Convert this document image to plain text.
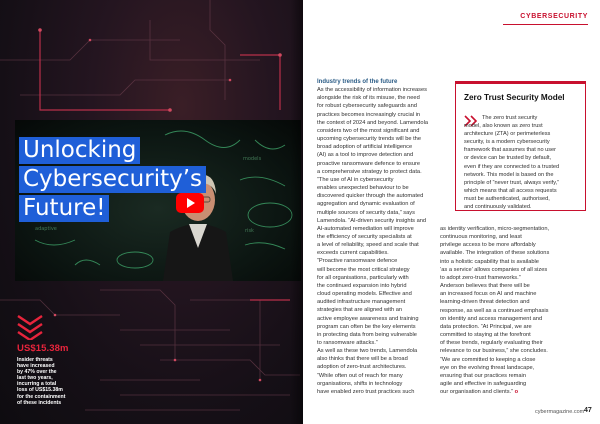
models
adaptive	risk
Unlocking
Cybersecurity’s
Future!
US$15.38m
Insider threats
have increased
by 47% over the
last two years,
incurring a total
loss of US$15.38m
for the containment
of these incidents
CYBERSECURITY
Industry trends of the future
As the accessibility of information increases
alongside the risk of its misuse, the need
for robust cybersecurity safeguards and
practices becomes increasingly crucial in
the context of 2024 and beyond. Lamendola
considers two of the most significant and
upcoming cybersecurity trends will be the
broad adoption of artificial intelligence
(AI) as a tool to improve detection and
proactive ransomware defence to ensure
a comprehensive strategy to protect data.
“The use of AI in cybersecurity
enables unexpected behaviour to be
discovered quicker through the automated
aggregation and dynamic evaluation of
multiple sources of security data,” says
Lamendola. “AI-driven security insights and
AI-automated remediation will improve
the efficiency of security specialists at
a level of reliability, speed and scale that
exceeds current capabilities.
“Proactive ransomware defence
will become the most critical strategy
for all organisations, particularly with
the continued expansion into hybrid
cloud operating models. Effective and
audited infrastructure management
strategies that are aligned with an
active employee awareness and training
program can often be the key elements
in protecting data from being vulnerable
to ransomware attacks.”
As well as these two trends, Lamendola
also thinks that there will be a broad
adoption of zero-trust architectures.
“While often out of reach for many
organisations, shifts in technology
have enabled zero trust practices such
Zero Trust Security Model
The zero trust security
model, also known as zero trust
architecture (ZTA) or perimeterless
security, is a modern cybersecurity
framework that assumes that no user
or device can be trusted by default,
even if they are connected to a trusted
network. This model is based on the
principle of “never trust, always verify,”
which means that all access requests
must be authenticated, authorised,
and continuously validated.
as identity verification, micro-segmentation,
continuous monitoring, and least
privilege access to be more affordably
available. The integration of these solutions
into a holistic capability that is available
‘as a service’ allows companies of all sizes
to adopt zero-trust frameworks.”
Anderson believes that there will be
an increased focus on AI and machine
learning-driven threat detection and
response, as well as a continued emphasis
on identity and access management and
data protection. “At Principal, we are
committed to staying at the forefront
of these trends, regularly evaluating their
relevance to our business,” she concludes.
“We are committed to keeping a close
eye on the evolving threat landscape,
ensuring that our practices remain
agile and effective in safeguarding
our organisation and clients.” o
cybermagazine.com 47
